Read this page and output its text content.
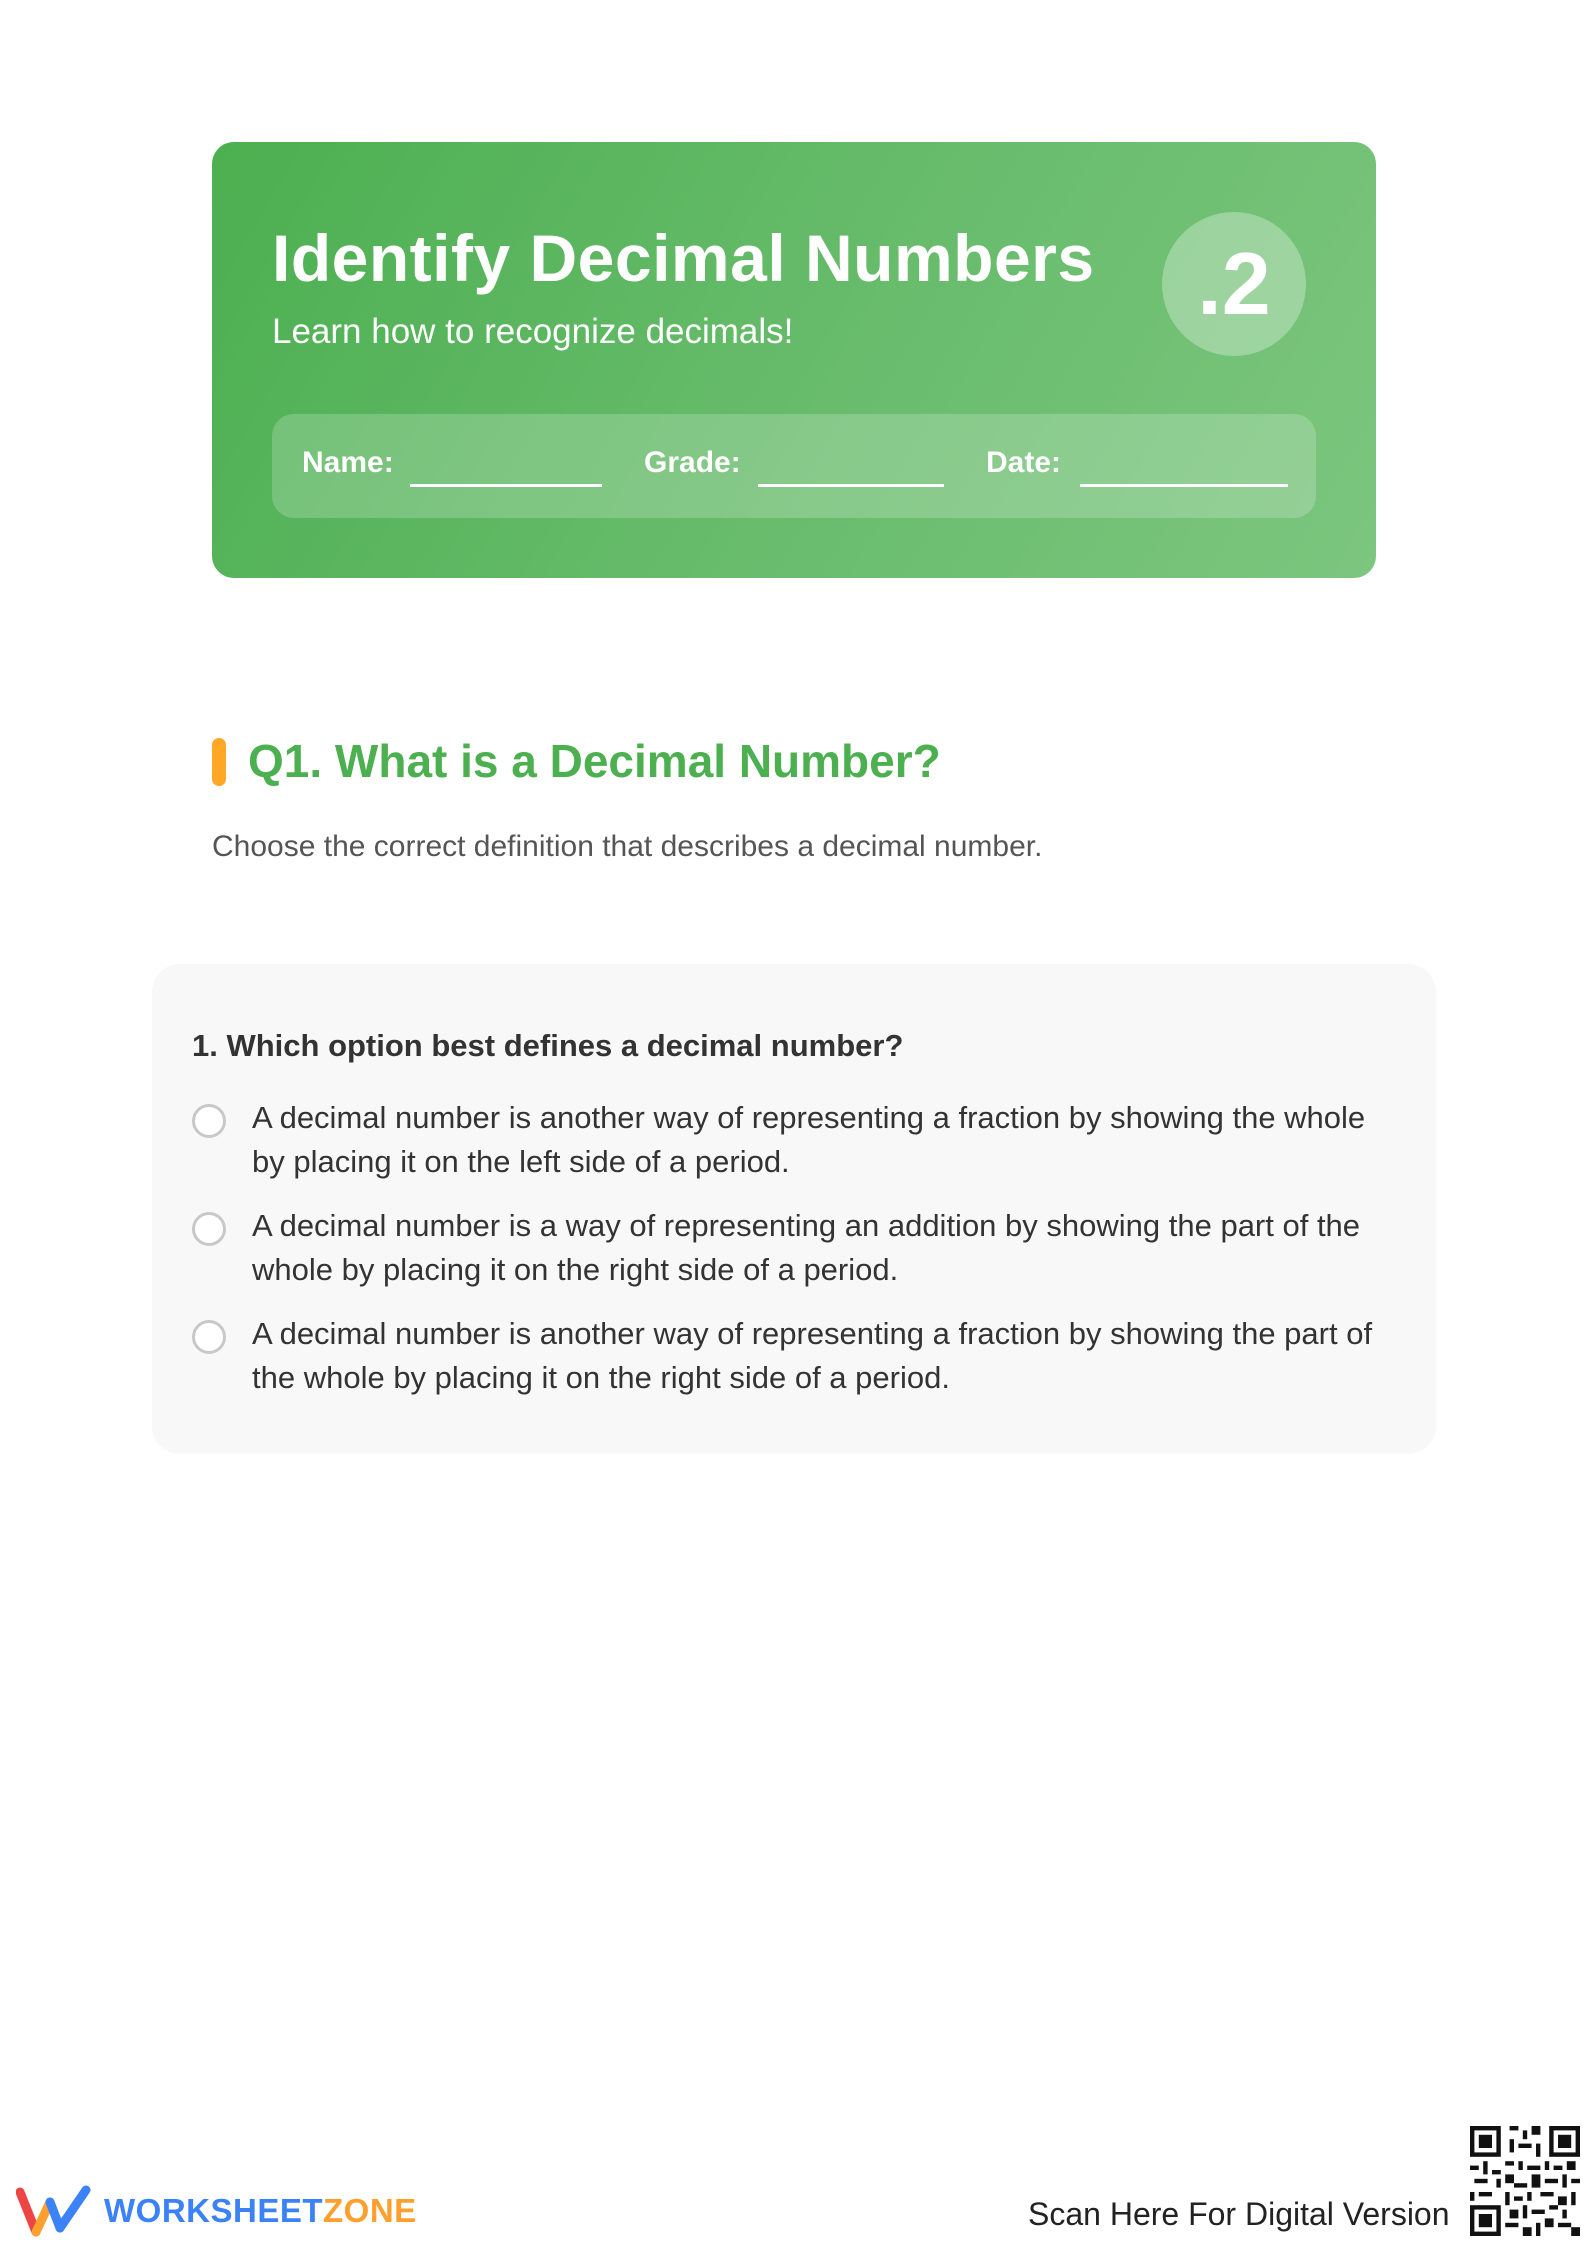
Identify Decimal Numbers

Learn how to recognize decimals!	.2
Name:	Grade:	Date:
Q1. What is a Decimal Number?

Choose the correct definition that describes a decimal number.

1. Which option best defines a decimal number?

A decimal number is another way of representing a fraction by showing the whole by placing it on the left side of a period.
A decimal number is a way of representing an addition by showing the part of the whole by placing it on the right side of a period.
A decimal number is another way of representing a fraction by showing the part of the whole by placing it on the right side of a period.
WORKSHEETZONE	Scan Here For Digital Version
